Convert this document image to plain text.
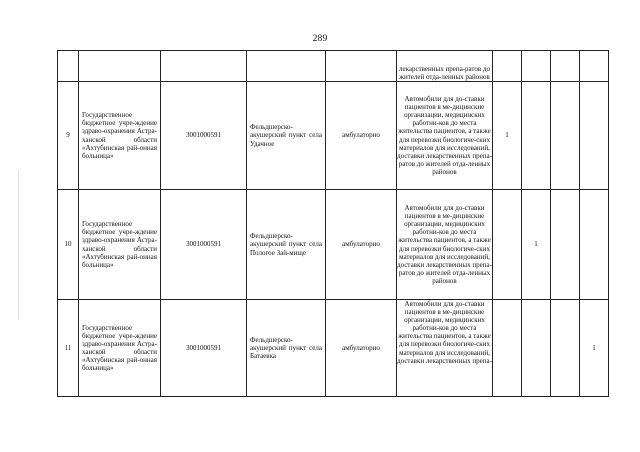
289
					лекарственных препа-ратов до жителей отда-ленных районов				
9	Государственное бюджетное учре-ждение здраво-охранения Астра-ханской области «Ахтубинская рай-онная больница»	3001000591	Фельдшерско-акушерский пункт села Удачное	амбулаторно	Автомобили для до-ставки пациентов в ме-дицинские организации, медицинских работни-ков до места жительства пациентов, а также для перевозки биологиче-ских материалов для исследований, доставки лекарственных препа-ратов до жителей отда-ленных районов	1			
10	Государственное бюджетное учре-ждение здраво-охранения Астра-ханской области «Ахтубинская рай-онная больница»	3001000591	Фельдшерско-акушерский пункт села Пологое Зай-мище	амбулаторно	Автомобили для до-ставки пациентов в ме-дицинские организации, медицинских работни-ков до места жительства пациентов, а также для перевозки биологиче-ских материалов для исследований, доставки лекарственных препа-ратов до жителей отда-ленных районов		1		
11	Государственное бюджетное учре-ждение здраво-охранения Астра-ханской области «Ахтубинская рай-онная больница»	3001000591	Фельдшерско-акушерский пункт села Батаевка	амбулаторно	Автомобили для до-ставки пациентов в ме-дицинские организации, медицинских работни-ков до места жительства пациентов, а также для перевозки биологиче-ских материалов для исследований, доставки лекарственных препа-				1
